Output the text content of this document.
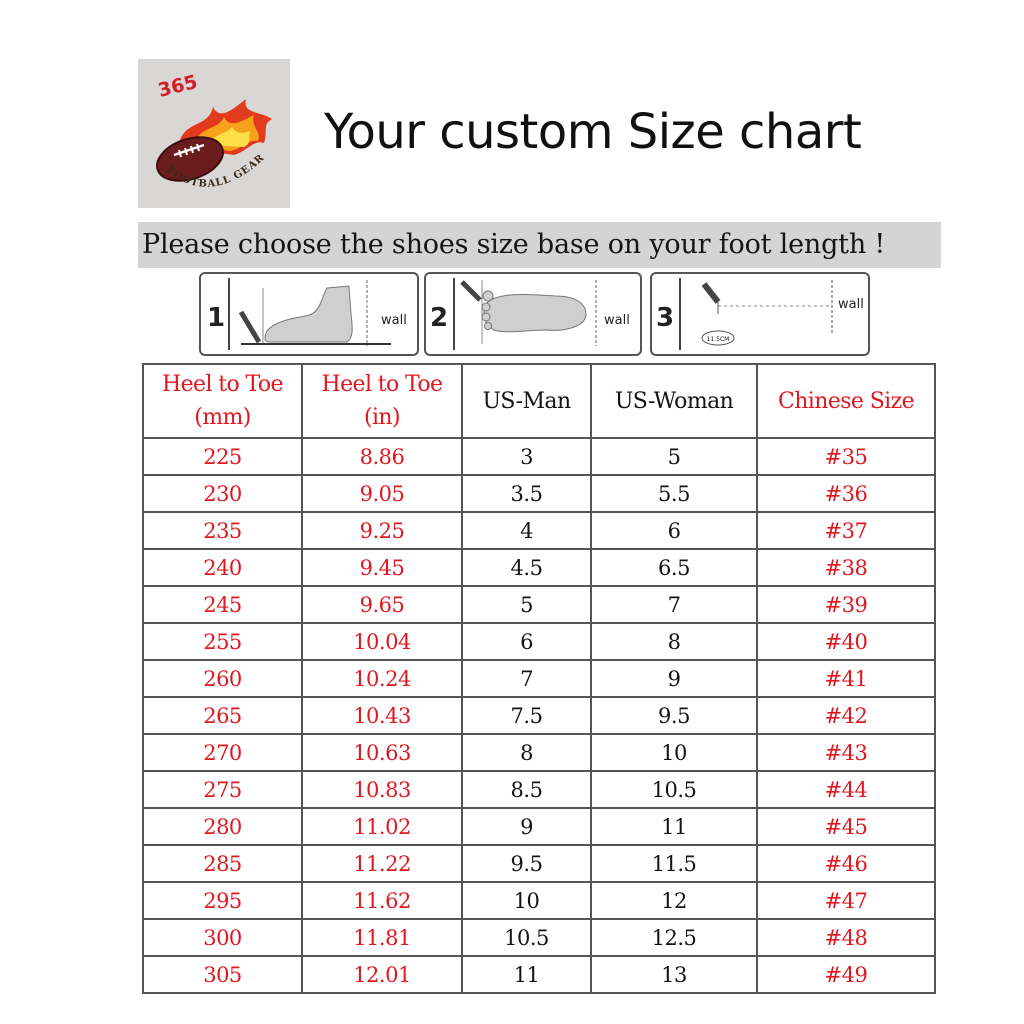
365
FOOTBALL GEAR Your custom Size chart
Please choose the shoes size base on your foot length !
1	wall 2	wall 3
11.5CM
wall
Heel to Toe
(mm)	Heel to Toe
(in)	US-Man	US-Woman	Chinese Size
225	8.86	3	5	#35
230	9.05	3.5	5.5	#36
235	9.25	4	6	#37
240	9.45	4.5	6.5	#38
245	9.65	5	7	#39
255	10.04	6	8	#40
260	10.24	7	9	#41
265	10.43	7.5	9.5	#42
270	10.63	8	10	#43
275	10.83	8.5	10.5	#44
280	11.02	9	11	#45
285	11.22	9.5	11.5	#46
295	11.62	10	12	#47
300	11.81	10.5	12.5	#48
305	12.01	11	13	#49
